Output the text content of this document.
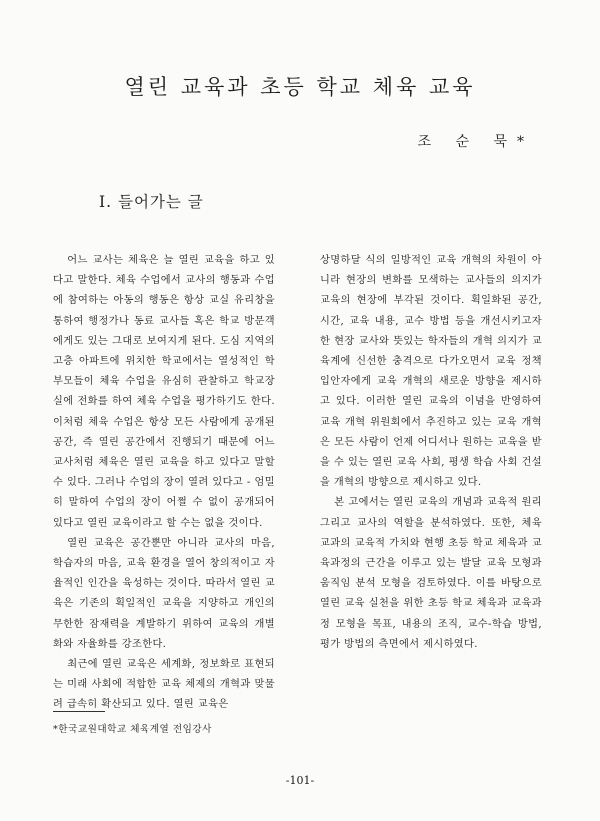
열린 교육과 초등 학교 체육 교육
조 순 묵*
I. 들어가는 글

어느 교사는 체육은 늘 열린 교육을 하고 있다고 말한다. 체육 수업에서 교사의 행동과 수업에 참여하는 아동의 행동은 항상 교실 유리창을 통하여 행정가나 동료 교사들 혹은 학교 방문객에게도 있는 그대로 보여지게 된다. 도심 지역의 고층 아파트에 위치한 학교에서는 열성적인 학부모들이 체육 수업을 유심히 관찰하고 학교장 실에 전화를 하여 체육 수업을 평가하기도 한다. 이처럼 체육 수업은 항상 모든 사람에게 공개된 공간, 즉 열린 공간에서 진행되기 때문에 어느 교사처럼 체육은 열린 교육을 하고 있다고 말할 수 있다. 그러나 수업의 장이 열려 있다고 - 엄밀히 말하여 수업의 장이 어쩔 수 없이 공개되어 있다고 열린 교육이라고 할 수는 없을 것이다.

열린 교육은 공간뿐만 아니라 교사의 마음, 학습자의 마음, 교육 환경을 열어 창의적이고 자율적인 인간을 육성하는 것이다. 따라서 열린 교육은 기존의 획일적인 교육을 지양하고 개인의 무한한 잠재력을 계발하기 위하여 교육의 개별화와 자율화를 강조한다.

최근에 열린 교육은 세계화, 정보화로 표현되는 미래 사회에 적합한 교육 체제의 개혁과 맞물려 급속히 확산되고 있다. 열린 교육은

상명하달 식의 일방적인 교육 개혁의 차원이 아니라 현장의 변화를 모색하는 교사들의 의지가 교육의 현장에 부각된 것이다. 획일화된 공간, 시간, 교육 내용, 교수 방법 등을 개선시키고자 한 현장 교사와 뜻있는 학자들의 개혁 의지가 교육계에 신선한 충격으로 다가오면서 교육 정책 입안자에게 교육 개혁의 새로운 방향을 제시하고 있다. 이러한 열린 교육의 이념을 반영하여 교육 개혁 위원회에서 추진하고 있는 교육 개혁은 모든 사람이 언제 어디서나 원하는 교육을 받을 수 있는 열린 교육 사회, 평생 학습 사회 건설을 개혁의 방향으로 제시하고 있다.

본 고에서는 열린 교육의 개념과 교육적 원리 그리고 교사의 역할을 분석하였다. 또한, 체육 교과의 교육적 가치와 현행 초등 학교 체육과 교육과정의 근간을 이루고 있는 발달 교육 모형과 움직임 분석 모형을 검토하였다. 이를 바탕으로 열린 교육 실천을 위한 초등 학교 체육과 교육과정 모형을 목표, 내용의 조직, 교수-학습 방법, 평가 방법의 측면에서 제시하였다.

*한국교원대학교 체육계열 전임강사
-101-
